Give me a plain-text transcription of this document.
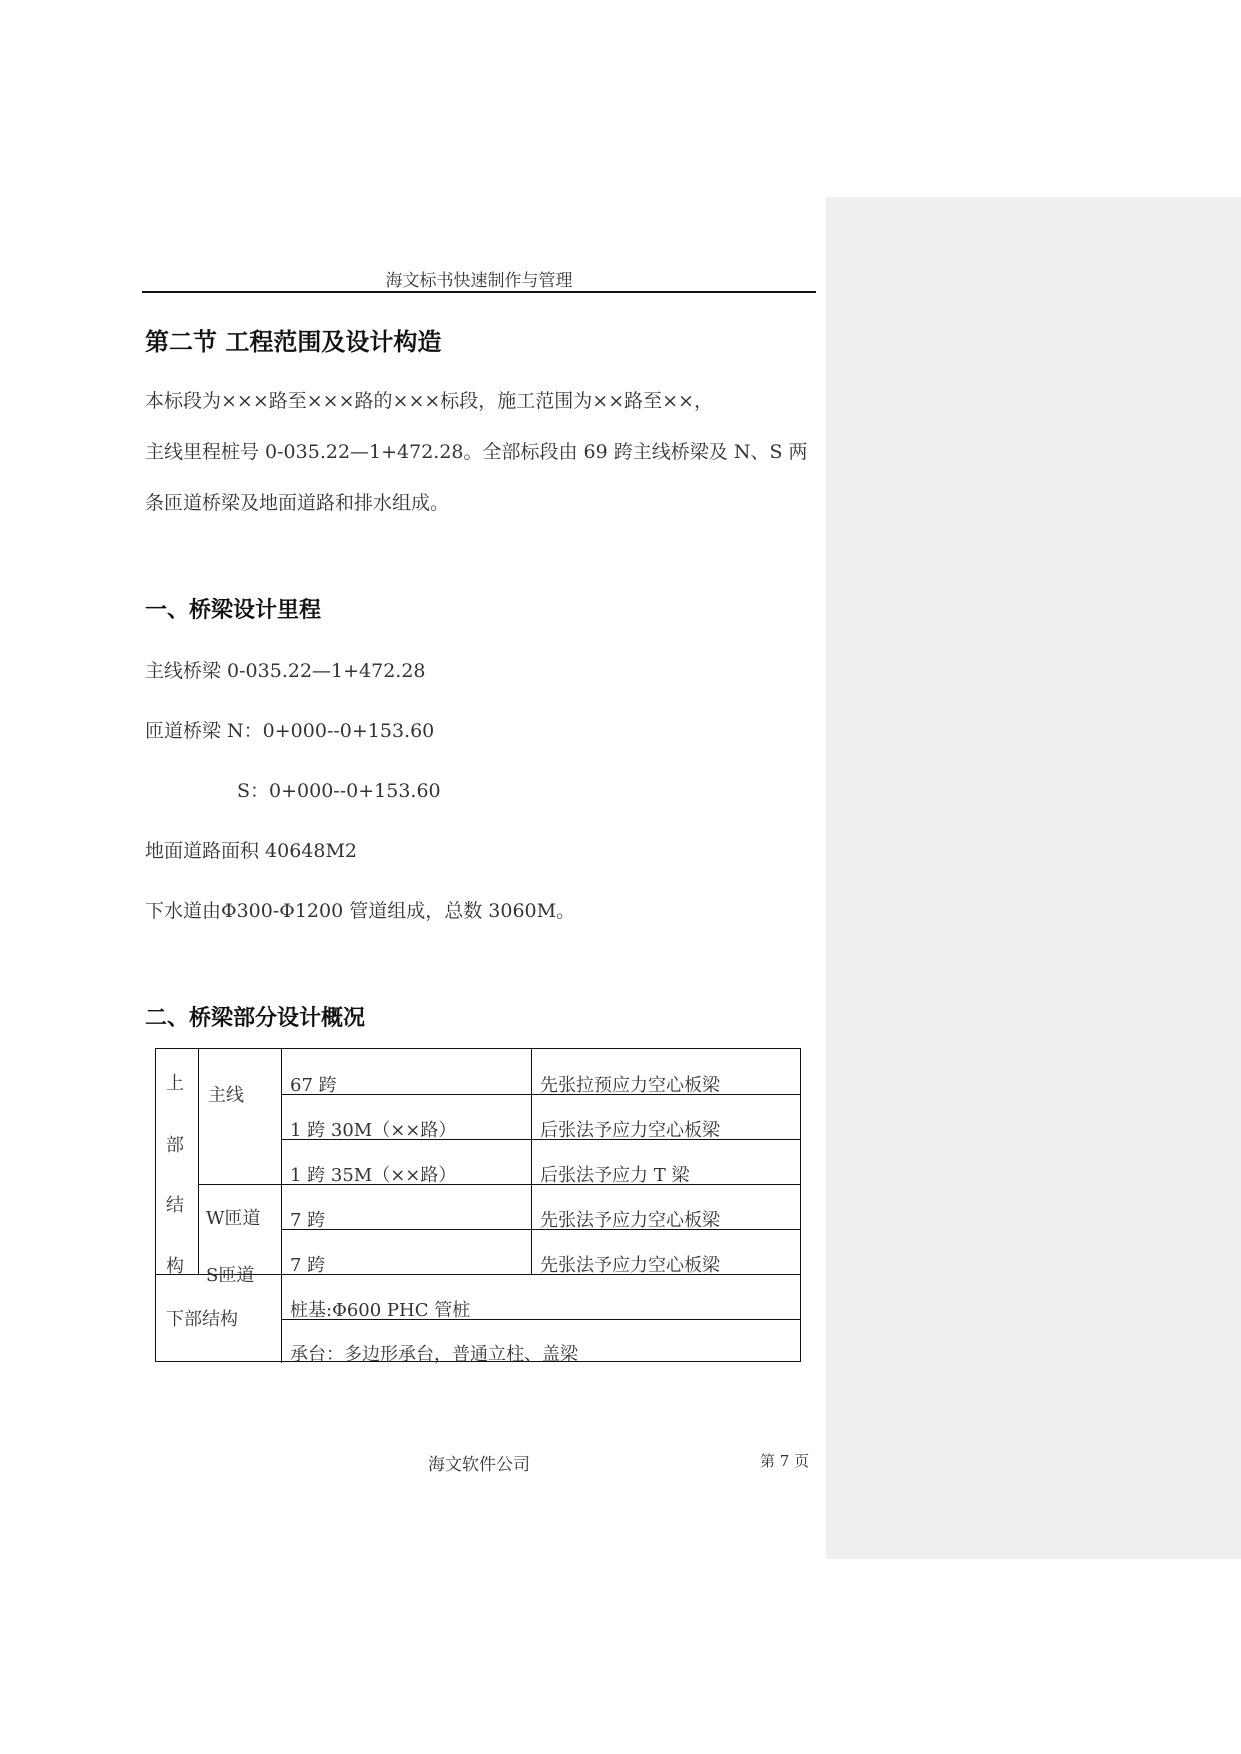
海文标书快速制作与管理
第二节 工程范围及设计构造
本标段为×××路至×××路的×××标段，施工范围为××路至××，
主线里程桩号 0-035.22—1+472.28。全部标段由 69 跨主线桥梁及 N、S 两
条匝道桥梁及地面道路和排水组成。
一、桥梁设计里程
主线桥梁 0-035.22—1+472.28
匝道桥梁 N：0+000--0+153.60
S：0+000--0+153.60
地面道路面积 40648M2
下水道由Φ300-Φ1200 管道组成，总数 3060M。
二、桥梁部分设计概况
上
部
结
构
主线
W匝道
S匝道
67 跨
1 跨 30M（××路）
1 跨 35M（××路）
7 跨
7 跨
先张拉预应力空心板梁
后张法予应力空心板梁
后张法予应力 T 梁
先张法予应力空心板梁
先张法予应力空心板梁
下部结构	桩基:Φ600 PHC 管桩
承台：多边形承台，普通立柱、盖梁
海文软件公司	第 7 页
